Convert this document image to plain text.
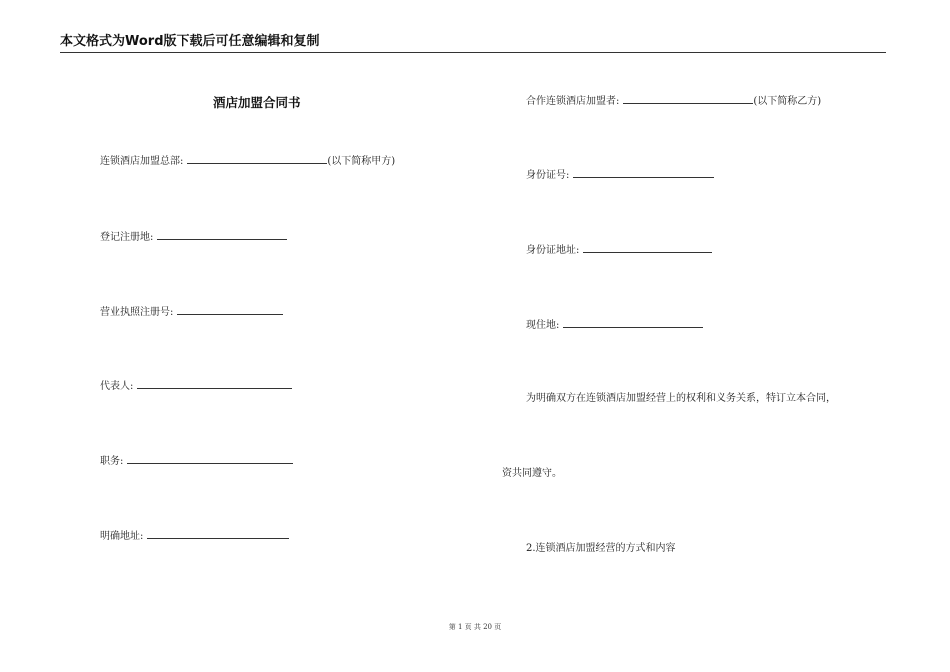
本文格式为Word版下载后可任意编辑和复制
酒店加盟合同书
连锁酒店加盟总部:	(以下简称甲方)
登记注册地:
营业执照注册号:
代表人:
职务:
明确地址:
合作连锁酒店加盟者:	(以下简称乙方)
身份证号:
身份证地址:
现住地:
为明确双方在连锁酒店加盟经营上的权利和义务关系，特订立本合同，
资共同遵守。
2.连锁酒店加盟经营的方式和内容
第 1 页 共 20 页
